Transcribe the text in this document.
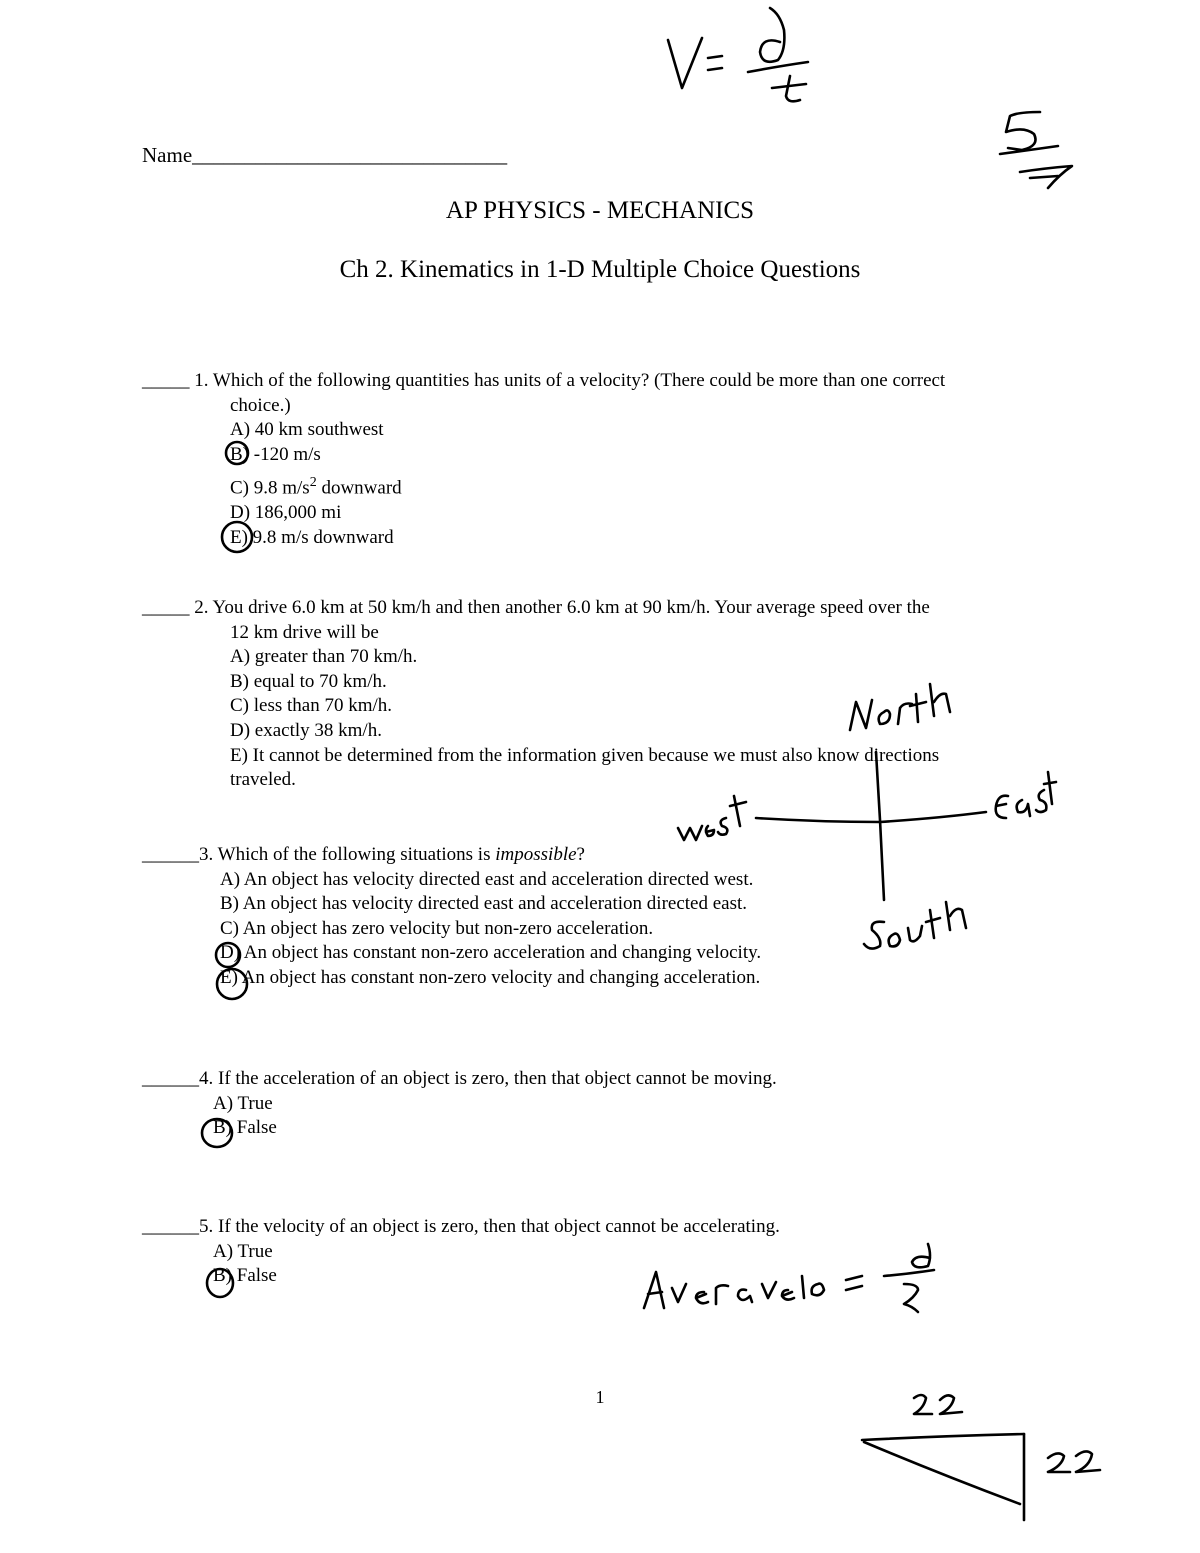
Name______________________________
AP PHYSICS - MECHANICS
Ch 2. Kinematics in 1-D Multiple Choice Questions
_____ 1. Which of the following quantities has units of a velocity? (There could be more than one correct
choice.)
A) 40 km southwest
B) -120 m/s
C) 9.8 $m/s^2$ downward
D) 186,000 mi
E) 9.8 m/s downward
_____ 2. You drive 6.0 km at 50 km/h and then another 6.0 km at 90 km/h. Your average speed over the
12 km drive will be
A) greater than 70 km/h.
B) equal to 70 km/h.
C) less than 70 km/h.
D) exactly 38 km/h.
E) It cannot be determined from the information given because we must also know directions
traveled.
______3. Which of the following situations is impossible?
A) An object has velocity directed east and acceleration directed west.
B) An object has velocity directed east and acceleration directed east.
C) An object has zero velocity but non-zero acceleration.
D) An object has constant non-zero acceleration and changing velocity.
E) An object has constant non-zero velocity and changing acceleration.
______4. If the acceleration of an object is zero, then that object cannot be moving.
A) True
B) False
______5. If the velocity of an object is zero, then that object cannot be accelerating.
A) True
B) False
1
